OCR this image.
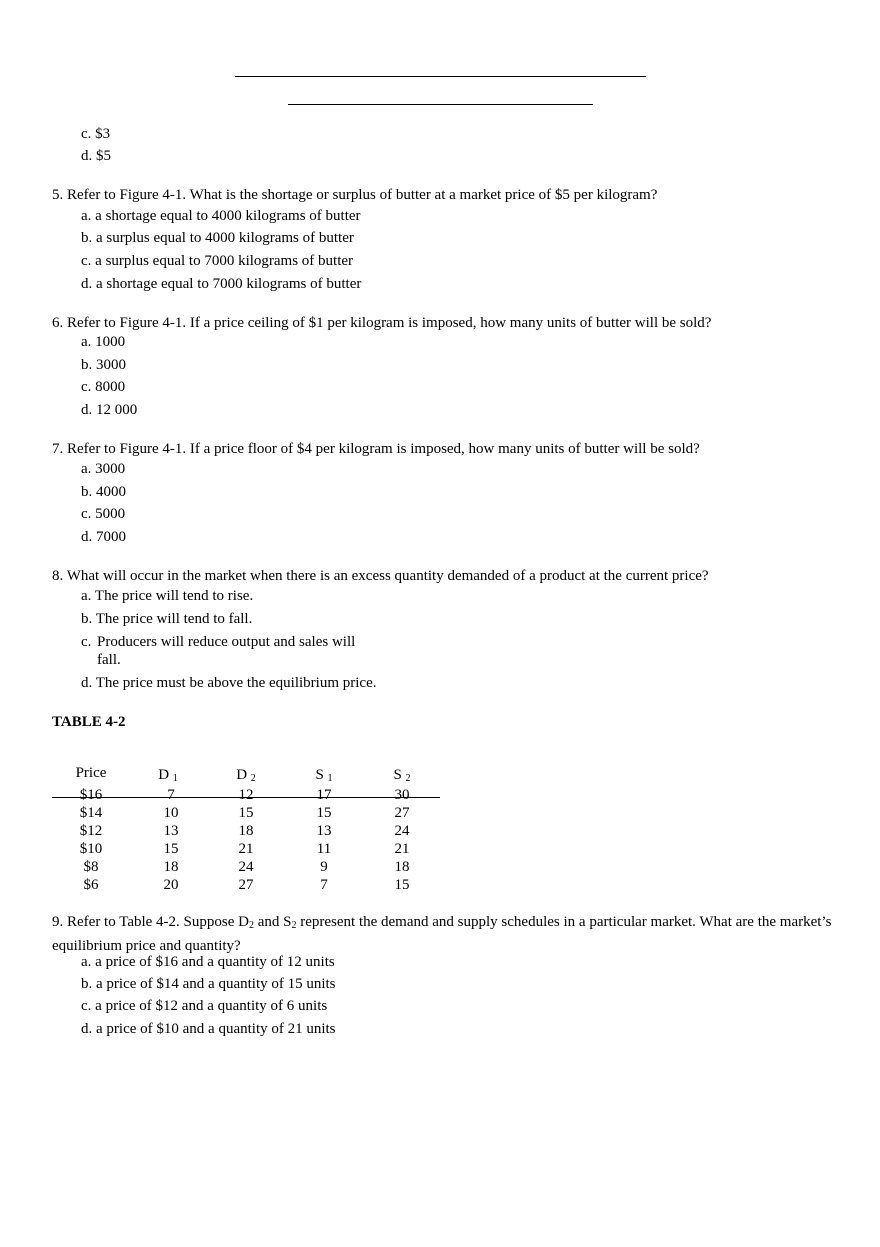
c. $3
d. $5
5. Refer to Figure 4-1. What is the shortage or surplus of butter at a market price of $5 per kilogram?
a. a shortage equal to 4000 kilograms of butter
b. a surplus equal to 4000 kilograms of butter
c. a surplus equal to 7000 kilograms of butter
d. a shortage equal to 7000 kilograms of butter
6. Refer to Figure 4-1. If a price ceiling of $1 per kilogram is imposed, how many units of butter will be sold?
a. 1000
b. 3000
c. 8000
d. 12 000
7. Refer to Figure 4-1. If a price floor of $4 per kilogram is imposed, how many units of butter will be sold?
a. 3000
b. 4000
c. 5000
d. 7000
8. What will occur in the market when there is an excess quantity demanded of a product at the current price?
a. The price will tend to rise.
b. The price will tend to fall.
c. Producers will reduce output and sales will fall.
d. The price must be above the equilibrium price.
TABLE 4-2
Price	D $_1$	D $_2$	S $_1$	S $_2$
$16	7	12	17	30
$14	10	15	15	27
$12	13	18	13	24
$10	15	21	11	21
$8	18	24	9	18
$6	20	27	7	15
9. Refer to Table 4-2. Suppose $D_2$ and $S_2$ represent the demand and supply schedules in a particular market. What are the market’s equilibrium price and quantity?
a. a price of $16 and a quantity of 12 units
b. a price of $14 and a quantity of 15 units
c. a price of $12 and a quantity of 6 units
d. a price of $10 and a quantity of 21 units
